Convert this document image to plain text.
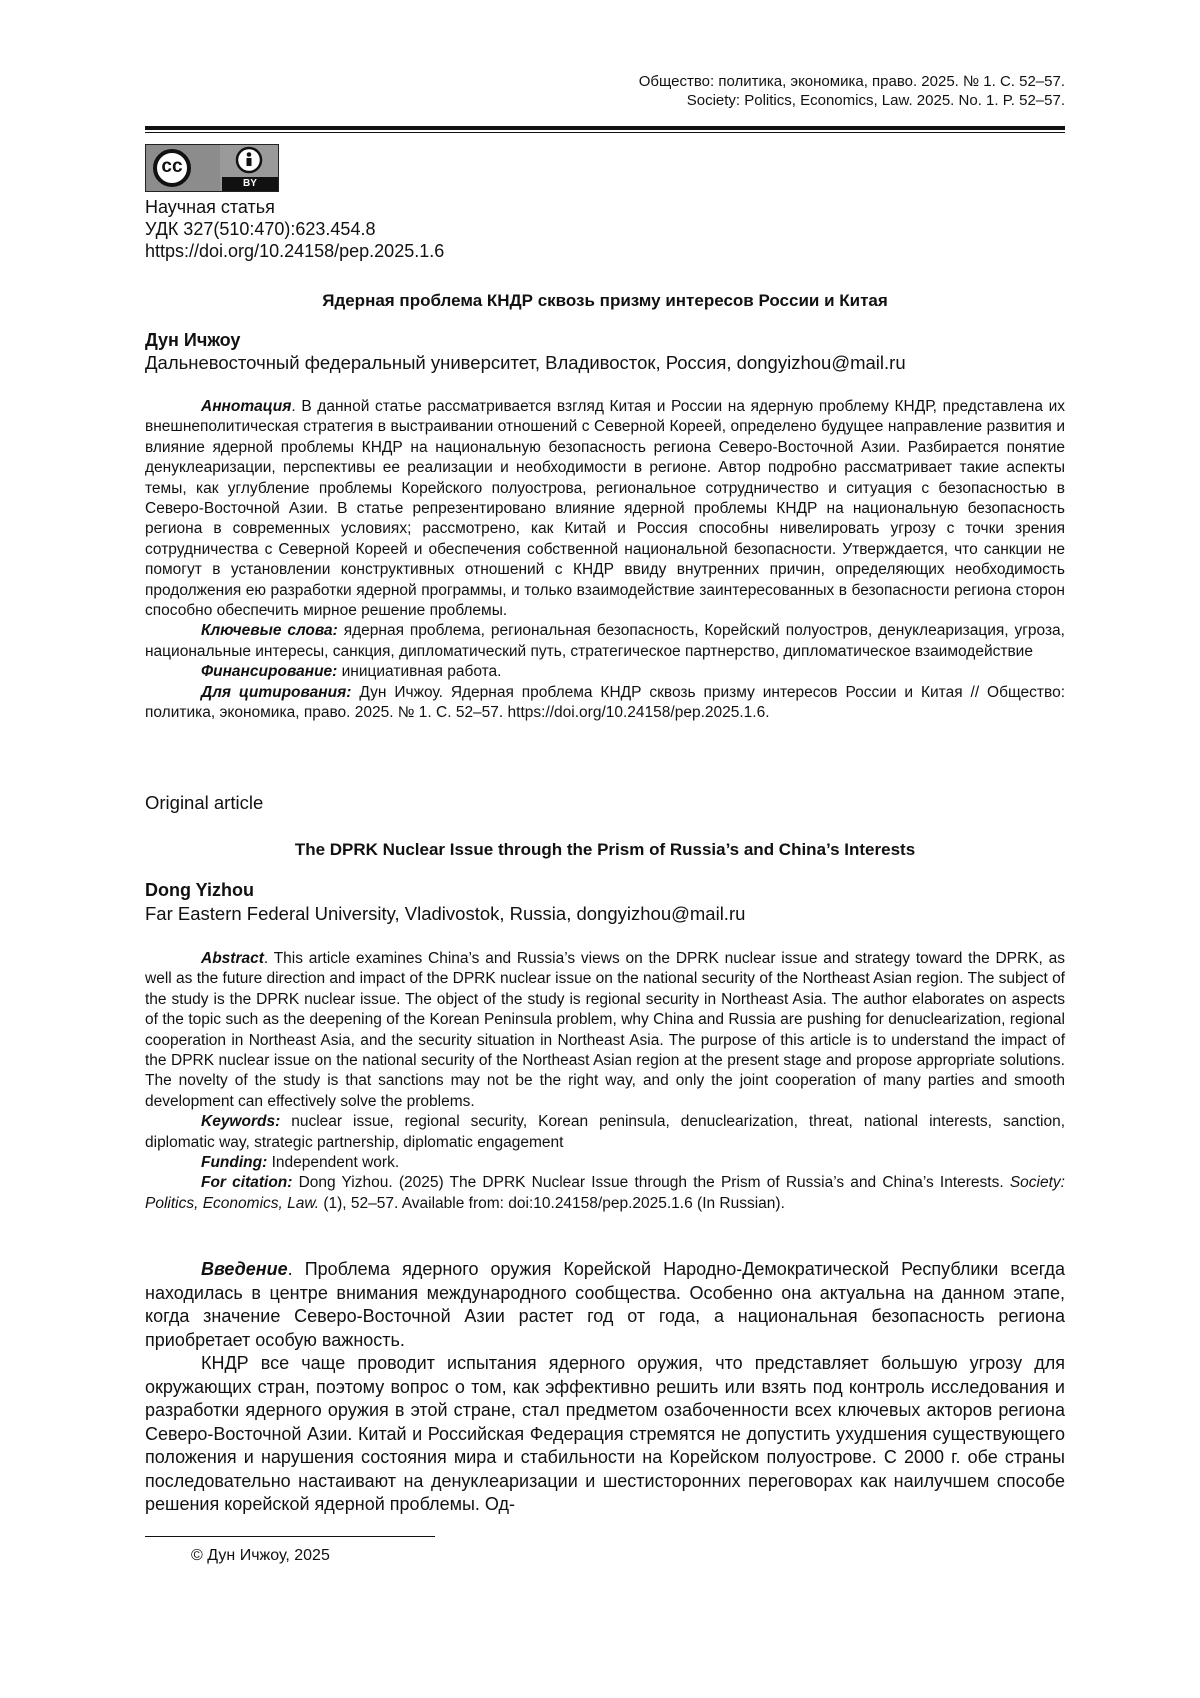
Общество: политика, экономика, право. 2025. № 1. С. 52–57.
Society: Politics, Economics, Law. 2025. No. 1. P. 52–57.
cc
BY
Научная статья
УДК 327(510:470):623.454.8
https://doi.org/10.24158/pep.2025.1.6
Ядерная проблема КНДР сквозь призму интересов России и Китая
Дун Ичжоу
Дальневосточный федеральный университет, Владивосток, Россия, dongyizhou@mail.ru

Аннотация. В данной статье рассматривается взгляд Китая и России на ядерную проблему КНДР, представлена их внешнеполитическая стратегия в выстраивании отношений с Северной Кореей, определено будущее направление развития и влияние ядерной проблемы КНДР на национальную безопасность региона Северо-Восточной Азии. Разбирается понятие денуклеаризации, перспективы ее реализации и необходимости в регионе. Автор подробно рассматривает такие аспекты темы, как углубление проблемы Корейского полуострова, региональное сотрудничество и ситуация с безопасностью в Северо-Восточной Азии. В статье репрезентировано влияние ядерной проблемы КНДР на национальную безопасность региона в современных условиях; рассмотрено, как Китай и Россия способны нивелировать угрозу с точки зрения сотрудничества с Северной Кореей и обеспечения собственной национальной безопасности. Утверждается, что санкции не помогут в установлении конструктивных отношений с КНДР ввиду внутренних причин, определяющих необходимость продолжения ею разработки ядерной программы, и только взаимодействие заинтересованных в безопасности региона сторон способно обеспечить мирное решение проблемы.

Ключевые слова: ядерная проблема, региональная безопасность, Корейский полуостров, денуклеаризация, угроза, национальные интересы, санкция, дипломатический путь, стратегическое партнерство, дипломатическое взаимодействие

Финансирование: инициативная работа.

Для цитирования: Дун Ичжоу. Ядерная проблема КНДР сквозь призму интересов России и Китая // Общество: политика, экономика, право. 2025. № 1. С. 52–57. https://doi.org/10.24158/pep.2025.1.6.

Original article
The DPRK Nuclear Issue through the Prism of Russia’s and China’s Interests
Dong Yizhou
Far Eastern Federal University, Vladivostok, Russia, dongyizhou@mail.ru

Abstract. This article examines China’s and Russia’s views on the DPRK nuclear issue and strategy toward the DPRK, as well as the future direction and impact of the DPRK nuclear issue on the national security of the Northeast Asian region. The subject of the study is the DPRK nuclear issue. The object of the study is regional security in Northeast Asia. The author elaborates on aspects of the topic such as the deepening of the Korean Peninsula problem, why China and Russia are pushing for denuclearization, regional cooperation in Northeast Asia, and the security situation in Northeast Asia. The purpose of this article is to understand the impact of the DPRK nuclear issue on the national security of the Northeast Asian region at the present stage and propose appropriate solutions. The novelty of the study is that sanctions may not be the right way, and only the joint cooperation of many parties and smooth development can effectively solve the problems.

Keywords: nuclear issue, regional security, Korean peninsula, denuclearization, threat, national interests, sanction, diplomatic way, strategic partnership, diplomatic engagement

Funding: Independent work.

For citation: Dong Yizhou. (2025) The DPRK Nuclear Issue through the Prism of Russia’s and China’s Interests. Society: Politics, Economics, Law. (1), 52–57. Available from: doi:10.24158/pep.2025.1.6 (In Russian).

Введение. Проблема ядерного оружия Корейской Народно-Демократической Республики всегда находилась в центре внимания международного сообщества. Особенно она актуальна на данном этапе, когда значение Северо-Восточной Азии растет год от года, а национальная безопасность региона приобретает особую важность.

КНДР все чаще проводит испытания ядерного оружия, что представляет большую угрозу для окружающих стран, поэтому вопрос о том, как эффективно решить или взять под контроль исследования и разработки ядерного оружия в этой стране, стал предметом озабоченности всех ключевых акторов региона Северо-Восточной Азии. Китай и Российская Федерация стремятся не допустить ухудшения существующего положения и нарушения состояния мира и стабильности на Корейском полуострове. С 2000 г. обе страны последовательно настаивают на денуклеаризации и шестисторонних переговорах как наилучшем способе решения корейской ядерной проблемы. Од-

© Дун Ичжоу, 2025
